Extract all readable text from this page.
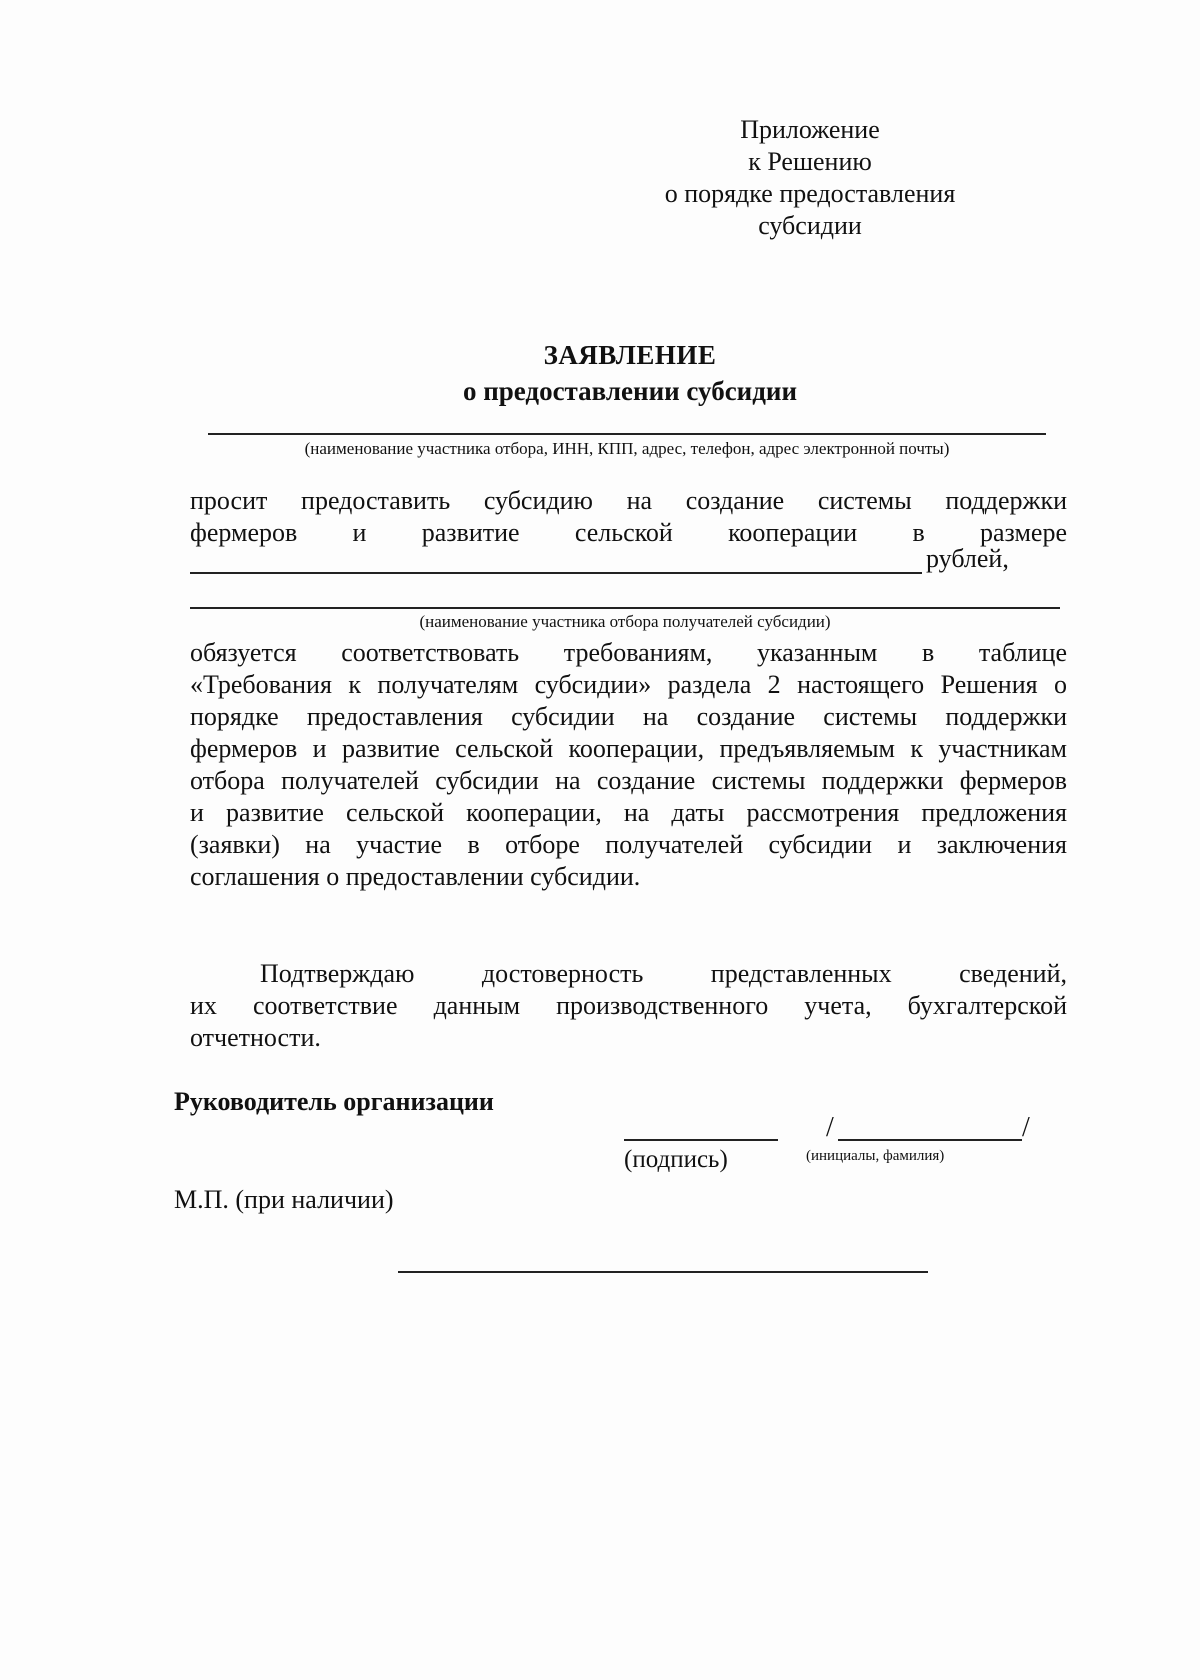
Приложение
к Решению
о порядке предоставления
субсидии
ЗАЯВЛЕНИЕ
о предоставлении субсидии
(наименование участника отбора, ИНН, КПП, адрес, телефон, адрес электронной почты)
просит предоставить субсидию на создание системы поддержки
фермеров и развитие сельской кооперации в размере
рублей,
(наименование участника отбора получателей субсидии)
обязуется соответствовать требованиям, указанным в таблице
«Требования к получателям субсидии» раздела 2 настоящего Решения о
порядке предоставления субсидии на создание системы поддержки
фермеров и развитие сельской кооперации, предъявляемым к участникам
отбора получателей субсидии на создание системы поддержки фермеров
и развитие сельской кооперации, на даты рассмотрения предложения
(заявки) на участие в отборе получателей субсидии и заключения
соглашения о предоставлении субсидии.
Подтверждаю достоверность представленных сведений,
их соответствие данным производственного учета, бухгалтерской
отчетности.
Руководитель организации
(подпись)
/	/
(инициалы, фамилия)
М.П. (при наличии)
